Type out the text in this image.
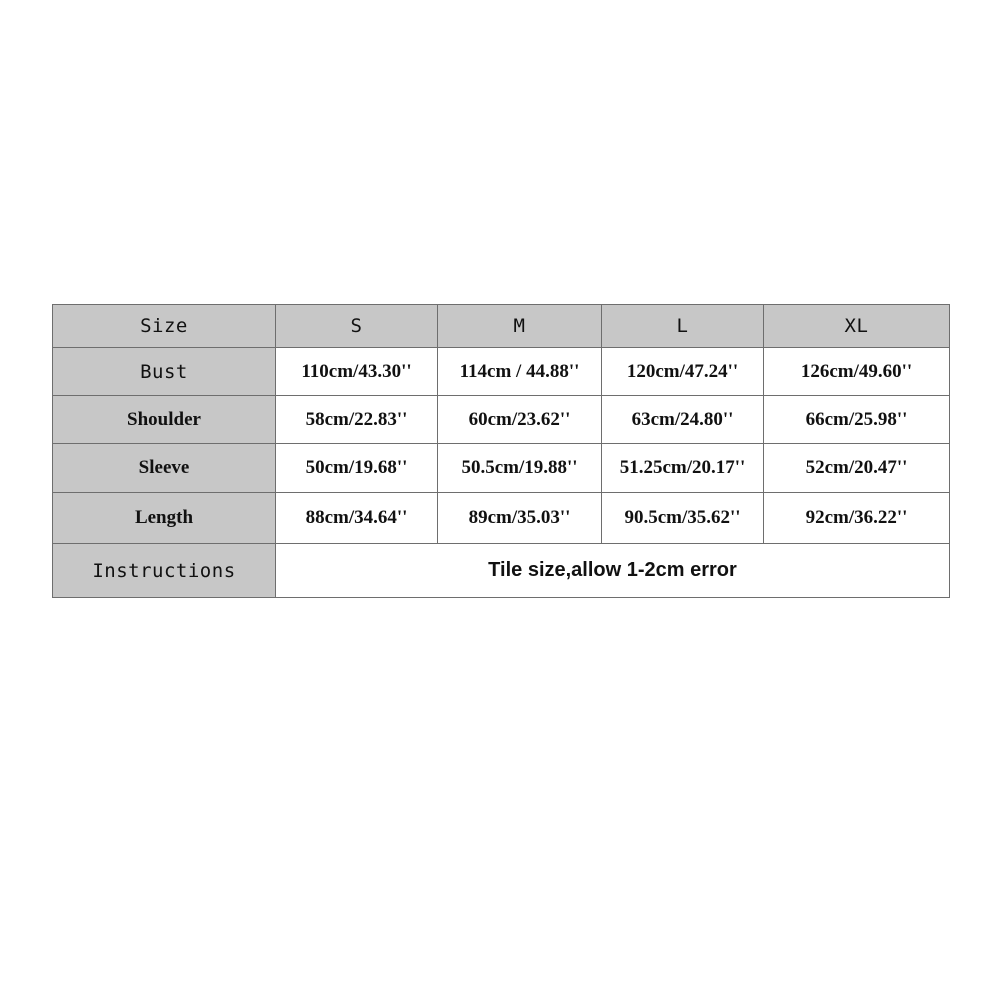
Size	S	M	L	XL
Bust	110cm/43.30''	114cm / 44.88''	120cm/47.24''	126cm/49.60''
Shoulder	58cm/22.83''	60cm/23.62''	63cm/24.80''	66cm/25.98''
Sleeve	50cm/19.68''	50.5cm/19.88''	51.25cm/20.17''	52cm/20.47''
Length	88cm/34.64''	89cm/35.03''	90.5cm/35.62''	92cm/36.22''
Instructions	Tile size,allow 1-2cm error			
